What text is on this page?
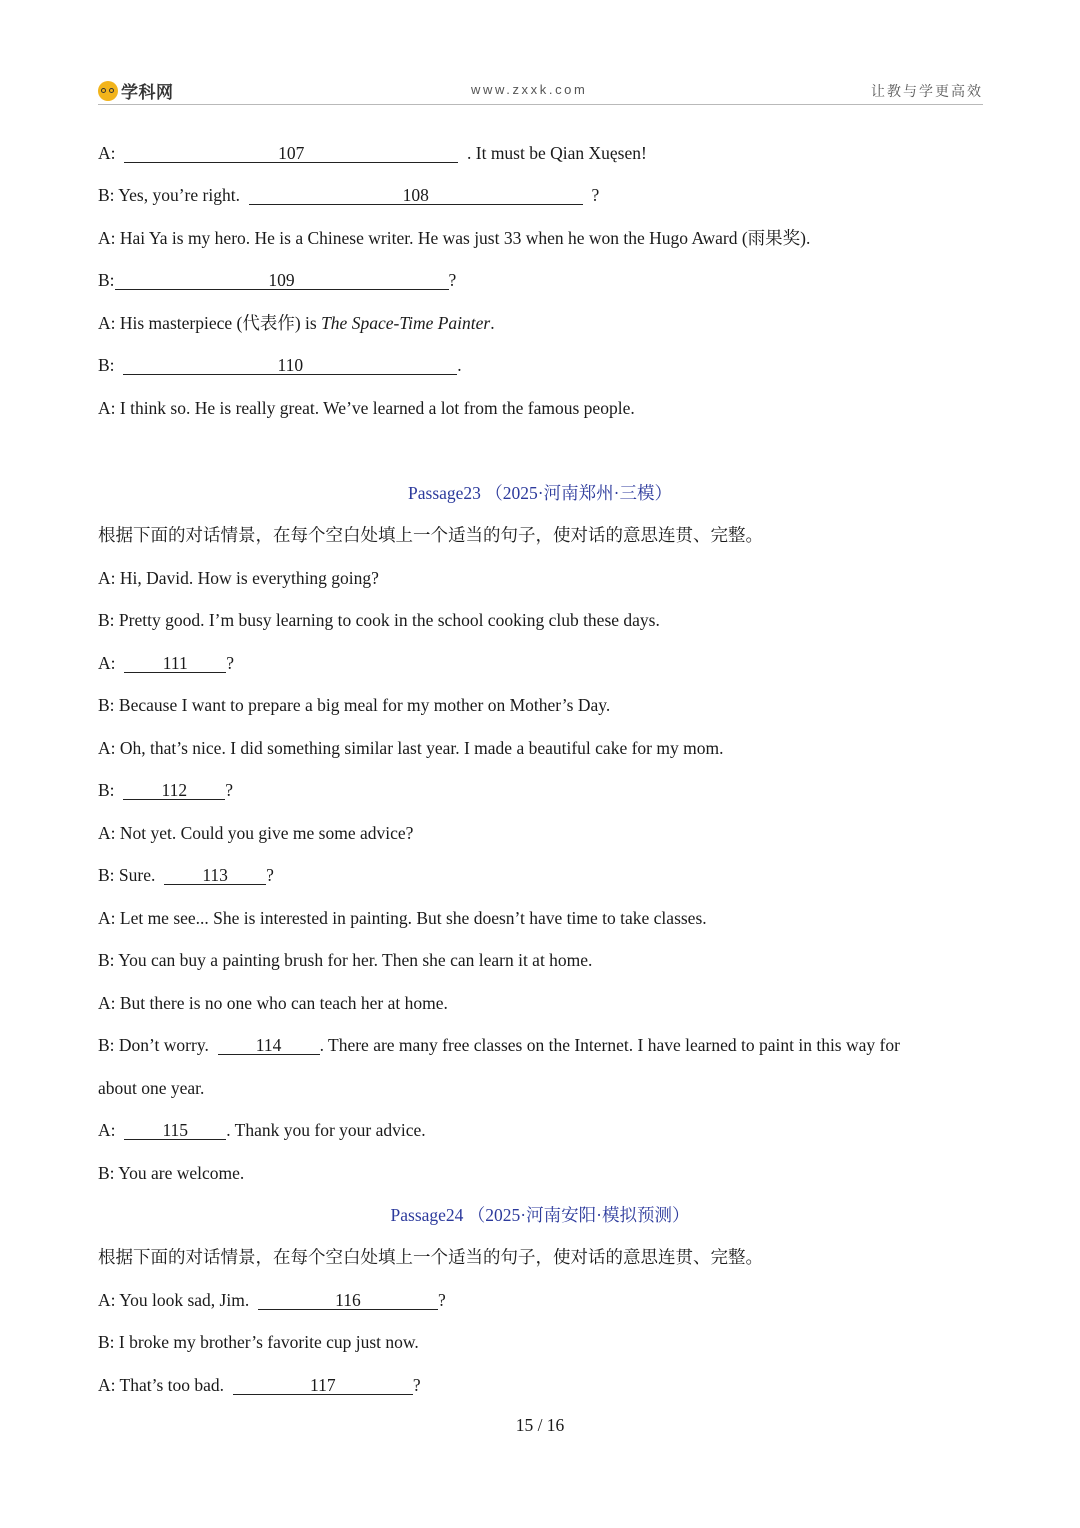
学科网	www.zxxk.com	让教与学更高效
A:	107	. It must be Qian Xuęsen!
B: Yes, you’re right.	108	?
A: Hai Ya is my hero. He is a Chinese writer. He was just 33 when he won the Hugo Award (雨果奖).
B:	109	?
A: His masterpiece (代表作) is The Space-Time Painter.
B:	110	.
A: I think so. He is really great. We’ve learned a lot from the famous people.
Passage23 （2025·河南郑州·三模）
根据下面的对话情景，在每个空白处填上一个适当的句子，使对话的意思连贯、完整。
A: Hi, David. How is everything going?
B: Pretty good. I’m busy learning to cook in the school cooking club these days.
A:	111 ?
B: Because I want to prepare a big meal for my mother on Mother’s Day.
A: Oh, that’s nice. I did something similar last year. I made a beautiful cake for my mom.
B:	112 ?
A: Not yet. Could you give me some advice?
B: Sure.	113 ?
A: Let me see... She is interested in painting. But she doesn’t have time to take classes.
B: You can buy a painting brush for her. Then she can learn it at home.
A: But there is no one who can teach her at home.
B: Don’t worry.	114 . There are many free classes on the Internet. I have learned to paint in this way for
about one year.
A:	115 . Thank you for your advice.
B: You are welcome.
Passage24 （2025·河南安阳·模拟预测）
根据下面的对话情景，在每个空白处填上一个适当的句子，使对话的意思连贯、完整。
A: You look sad, Jim.	116	?
B: I broke my brother’s favorite cup just now.
A: That’s too bad.	117	?
15 / 16
